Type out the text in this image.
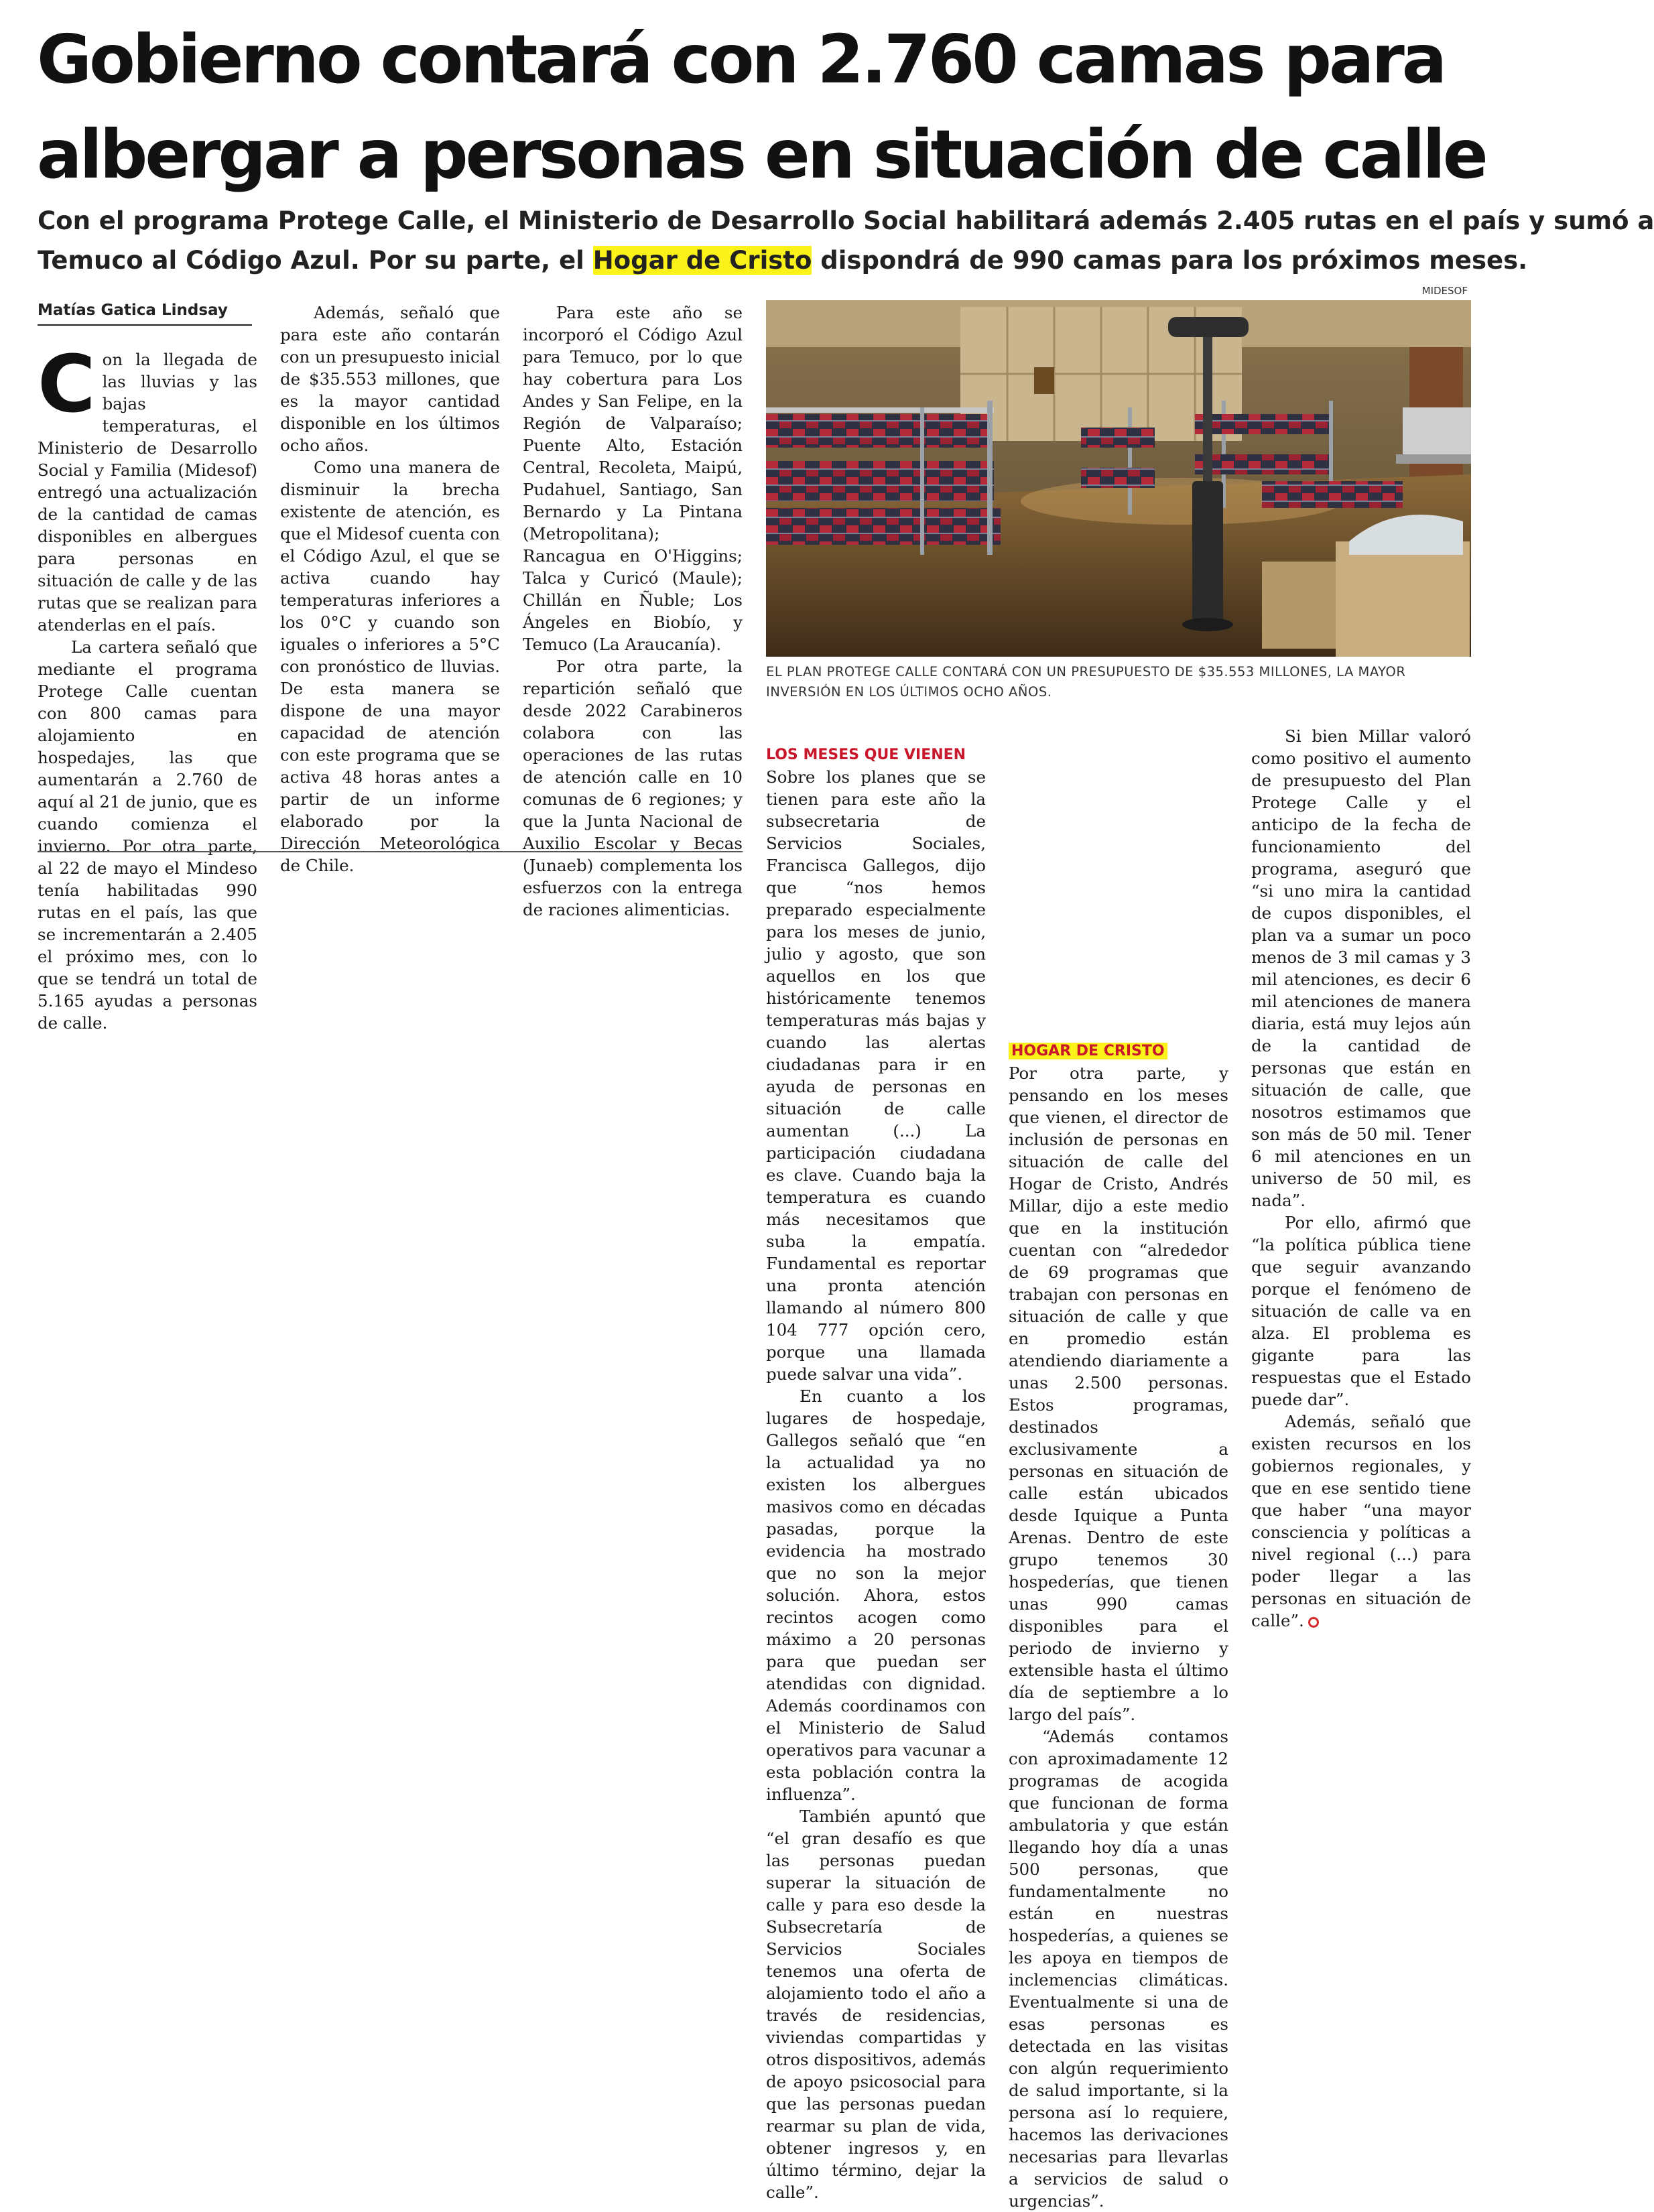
Gobierno contará con 2.760 camas para
albergar a personas en situación de calle
Con el programa Protege Calle, el Ministerio de Desarrollo Social habilitará además 2.405 rutas en el país y sumó a
Temuco al Código Azul. Por su parte, el Hogar de Cristo dispondrá de 990 camas para los próximos meses.
Matías Gatica Lindsay

Con la llegada de las lluvias y las bajas temperaturas, el Ministerio de Desarrollo Social y Familia (Midesof) entregó una actualización de la cantidad de camas disponibles en albergues para personas en situación de calle y de las rutas que se realizan para atenderlas en el país.

La cartera señaló que mediante el programa Protege Calle cuentan con 800 camas para alojamiento en hospedajes, las que aumentarán a 2.760 de aquí al 21 de junio, que es cuando comienza el invierno. Por otra parte, al 22 de mayo el Mindeso tenía habilitadas 990 rutas en el país, las que se incrementarán a 2.405 el próximo mes, con lo que se tendrá un total de 5.165 ayudas a personas de calle.

Además, señaló que para este año contarán con un presupuesto inicial de $35.553 millones, que es la mayor cantidad disponible en los últimos ocho años.

Como una manera de disminuir la brecha existente de atención, es que el Midesof cuenta con el Código Azul, el que se activa cuando hay temperaturas inferiores a los 0°C y cuando son iguales o inferiores a 5°C con pronóstico de lluvias. De esta manera se dispone de una mayor capacidad de atención con este programa que se activa 48 horas antes a partir de un informe elaborado por la Dirección Meteorológica de Chile.

Para este año se incorporó el Código Azul para Temuco, por lo que hay cobertura para Los Andes y San Felipe, en la Región de Valparaíso; Puente Alto, Estación Central, Recoleta, Maipú, Pudahuel, Santiago, San Bernardo y La Pintana (Metropolitana); Rancagua en O'Higgins; Talca y Curicó (Maule); Chillán en Ñuble; Los Ángeles en Biobío, y Temuco (La Araucanía).

Por otra parte, la repartición señaló que desde 2022 Carabineros colabora con las operaciones de las rutas de atención calle en 10 comunas de 6 regiones; y que la Junta Nacional de Auxilio Escolar y Becas (Junaeb) complementa los esfuerzos con la entrega de raciones alimenticias.

MIDESOF
EL PLAN PROTEGE CALLE CONTARÁ CON UN PRESUPUESTO DE $35.553 MILLONES, LA MAYOR INVERSIÓN EN LOS ÚLTIMOS OCHO AÑOS.

LOS MESES QUE VIENEN

Sobre los planes que se tienen para este año la subsecretaria de Servicios Sociales, Francisca Gallegos, dijo que “nos hemos preparado especialmente para los meses de junio, julio y agosto, que son aquellos en los que históricamente tenemos temperaturas más bajas y cuando las alertas ciudadanas para ir en ayuda de personas en situación de calle aumentan (...) La participación ciudadana es clave. Cuando baja la temperatura es cuando más necesitamos que suba la empatía. Fundamental es reportar una pronta atención llamando al número 800 104 777 opción cero, porque una llamada puede salvar una vida”.

En cuanto a los lugares de hospedaje, Gallegos señaló que “en la actualidad ya no existen los albergues masivos como en décadas pasadas, porque la evidencia ha mostrado que no son la mejor solución. Ahora, estos recintos acogen como máximo a 20 personas para que puedan ser atendidas con dignidad. Además coordinamos con el Ministerio de Salud operativos para vacunar a esta población contra la influenza”.

También apuntó que “el gran desafío es que las personas puedan superar la situación de calle y para eso desde la Subsecretaría de Servicios Sociales tenemos una oferta de alojamiento todo el año a través de residencias, viviendas compartidas y otros dispositivos, además de apoyo psicosocial para que las personas puedan rearmar su plan de vida, obtener ingresos y, en último término, dejar la calle”.

HOGAR DE CRISTO

Por otra parte, y pensando en los meses que vienen, el director de inclusión de personas en situación de calle del Hogar de Cristo, Andrés Millar, dijo a este medio que en la institución cuentan con “alrededor de 69 programas que trabajan con personas en situación de calle y que en promedio están atendiendo diariamente a unas 2.500 personas. Estos programas, destinados exclusivamente a personas en situación de calle están ubicados desde Iquique a Punta Arenas. Dentro de este grupo tenemos 30 hospederías, que tienen unas 990 camas disponibles para el periodo de invierno y extensible hasta el último día de septiembre a lo largo del país”.

“Además contamos con aproximadamente 12 programas de acogida que funcionan de forma ambulatoria y que están llegando hoy día a unas 500 personas, que fundamentalmente no están en nuestras hospederías, a quienes se les apoya en tiempos de inclemencias climáticas. Eventualmente si una de esas personas es detectada en las visitas con algún requerimiento de salud importante, si la persona así lo requiere, hacemos las derivaciones necesarias para llevarlas a servicios de salud o urgencias”.

Si bien Millar valoró como positivo el aumento de presupuesto del Plan Protege Calle y el anticipo de la fecha de funcionamiento del programa, aseguró que “si uno mira la cantidad de cupos disponibles, el plan va a sumar un poco menos de 3 mil camas y 3 mil atenciones, es decir 6 mil atenciones de manera diaria, está muy lejos aún de la cantidad de personas que están en situación de calle, que nosotros estimamos que son más de 50 mil. Tener 6 mil atenciones en un universo de 50 mil, es nada”.

Por ello, afirmó que “la política pública tiene que seguir avanzando porque el fenómeno de situación de calle va en alza. El problema es gigante para las respuestas que el Estado puede dar”.

Además, señaló que existen recursos en los gobiernos regionales, y que en ese sentido tiene que haber “una mayor consciencia y políticas a nivel regional (...) para poder llegar a las personas en situación de calle”.
